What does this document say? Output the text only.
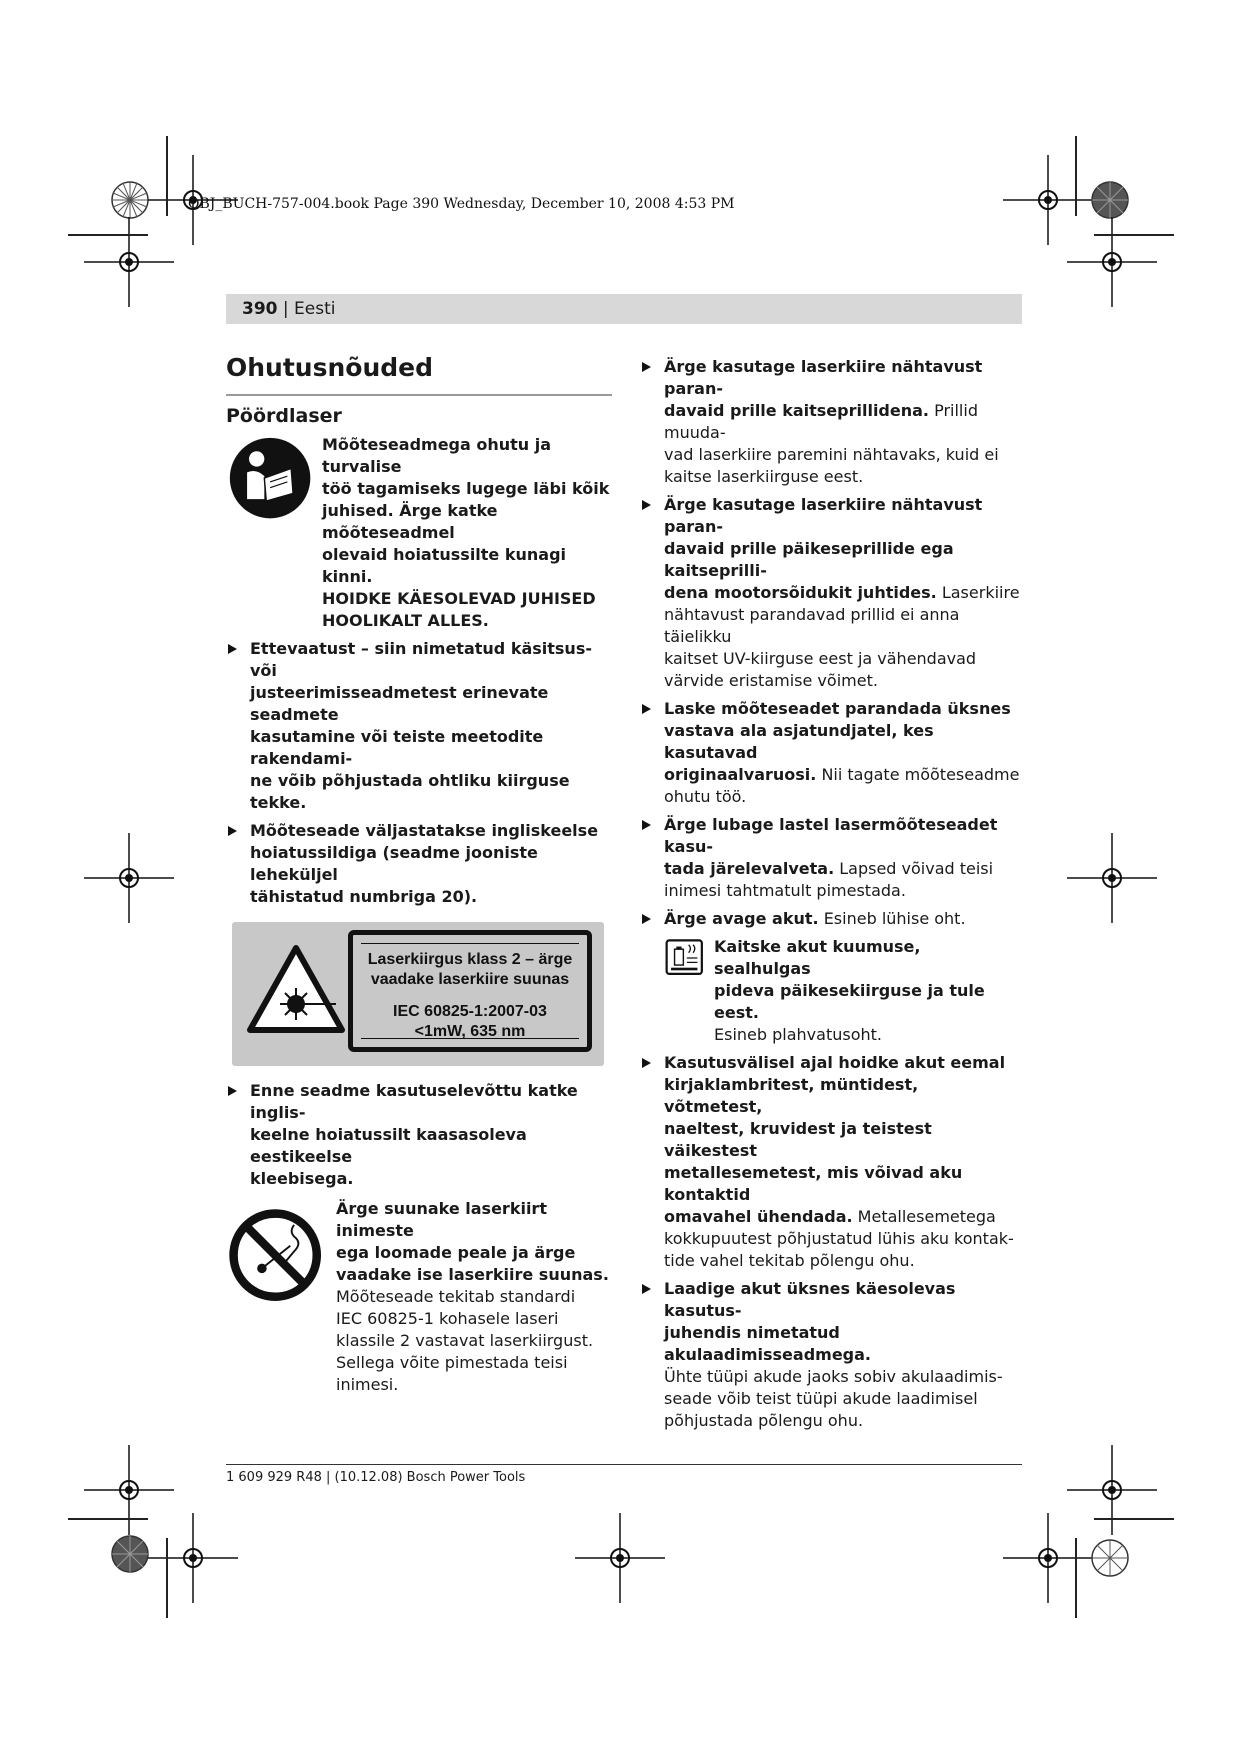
OBJ_BUCH-757-004.book Page 390 Wednesday, December 10, 2008 4:53 PM
390 | Eesti
Ohutusnõuded
Pöördlaser
Mõõteseadmega ohutu ja turvalise
töö tagamiseks lugege läbi kõik
juhised. Ärge katke mõõteseadmel
olevaid hoiatussilte kunagi kinni.
HOIDKE KÄESOLEVAD JUHISED
HOOLIKALT ALLES.
Ettevaatust – siin nimetatud käsitsus- või
justeerimisseadmetest erinevate seadmete
kasutamine või teiste meetodite rakendami-
ne võib põhjustada ohtliku kiirguse tekke.
Mõõteseade väljastatakse ingliskeelse
hoiatussildiga (seadme jooniste leheküljel
tähistatud numbriga 20).
Laserkiirgus klass 2 – ärge
vaadake laserkiire suunas
IEC 60825-1:2007-03
<1mW, 635 nm
Enne seadme kasutuselevõttu katke inglis-
keelne hoiatussilt kaasasoleva eestikeelse
kleebisega.
Ärge suunake laserkiirt inimeste
ega loomade peale ja ärge
vaadake ise laserkiire suunas.
Mõõteseade tekitab standardi
IEC 60825-1 kohasele laseri
klassile 2 vastavat laserkiirgust.
Sellega võite pimestada teisi
inimesi.
Ärge kasutage laserkiire nähtavust paran-
davaid prille kaitseprillidena. Prillid muuda-
vad laserkiire paremini nähtavaks, kuid ei
kaitse laserkiirguse eest.
Ärge kasutage laserkiire nähtavust paran-
davaid prille päikeseprillide ega kaitseprilli-
dena mootorsõidukit juhtides. Laserkiire
nähtavust parandavad prillid ei anna täielikku
kaitset UV-kiirguse eest ja vähendavad
värvide eristamise võimet.
Laske mõõteseadet parandada üksnes
vastava ala asjatundjatel, kes kasutavad
originaalvaruosi. Nii tagate mõõteseadme
ohutu töö.
Ärge lubage lastel lasermõõteseadet kasu-
tada järelevalveta. Lapsed võivad teisi
inimesi tahtmatult pimestada.
Ärge avage akut. Esineb lühise oht.
Kaitske akut kuumuse, sealhulgas
pideva päikesekiirguse ja tule eest.
Esineb plahvatusoht.
Kasutusvälisel ajal hoidke akut eemal
kirjaklambritest, müntidest, võtmetest,
naeltest, kruvidest ja teistest väikestest
metallesemetest, mis võivad aku kontaktid
omavahel ühendada. Metallesemetega
kokkupuutest põhjustatud lühis aku kontak-
tide vahel tekitab põlengu ohu.
Laadige akut üksnes käesolevas kasutus-
juhendis nimetatud akulaadimisseadmega.
Ühte tüüpi akude jaoks sobiv akulaadimis-
seade võib teist tüüpi akude laadimisel
põhjustada põlengu ohu.
1 609 929 R48 | (10.12.08) Bosch Power Tools
